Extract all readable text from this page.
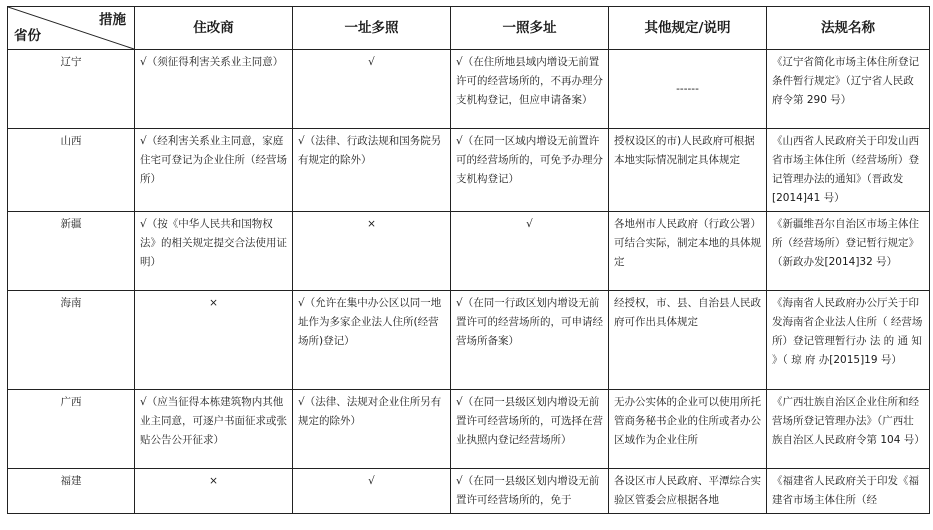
措施
省份	住改商	一址多照	一照多址	其他规定/说明	法规名称
辽宁	√（须征得利害关系业主同意）	√	√（在住所地县域内增设无前置许可的经营场所的，不再办理分支机构登记，但应申请备案）	------	《辽宁省简化市场主体住所登记条件暂行规定》（辽宁省人民政府令第 290 号）
山西	√（经利害关系业主同意，家庭住宅可登记为企业住所（经营场所）	√（法律、行政法规和国务院另有规定的除外）	√（在同一区域内增设无前置许可的经营场所的，可免予办理分支机构登记）	授权设区的市)人民政府可根据本地实际情况制定具体规定	《山西省人民政府关于印发山西省市场主体住所（经营场所）登记管理办法的通知》（晋政发[2014]41 号）
新疆	√（按《中华人民共和国物权法》的相关规定提交合法使用证明）	×	√	各地州市人民政府（行政公署）可结合实际，制定本地的具体规定	《新疆维吾尔自治区市场主体住所（经营场所）登记暂行规定》（新政办发[2014]32 号）
海南	×	√（允许在集中办公区以同一地址作为多家企业法人住所(经营场所)登记）	√（在同一行政区划内增设无前置许可的经营场所的，可申请经营场所备案）	经授权，市、县、自治县人民政府可作出具体规定	《海南省人民政府办公厅关于印发海南省企业法人住所（ 经营场所）登记管理暂行办 法 的 通 知 》（ 琼 府 办[2015]19 号）
广西	√（应当征得本栋建筑物内其他业主同意，可逐户书面征求或张贴公告公开征求）	√（法律、法规对企业住所另有规定的除外）	√（在同一县级区划内增设无前置许可经营场所的，可选择在营业执照内登记经营场所）	无办公实体的企业可以使用所托管商务秘书企业的住所或者办公区域作为企业住所	《广西壮族自治区企业住所和经营场所登记管理办法》（广西壮族自治区人民政府令第 104 号）
福建	×	√	√（在同一县级区划内增设无前置许可经营场所的，免于	各设区市人民政府、平潭综合实验区管委会应根据各地	《福建省人民政府关于印发《福建省市场主体住所（经
